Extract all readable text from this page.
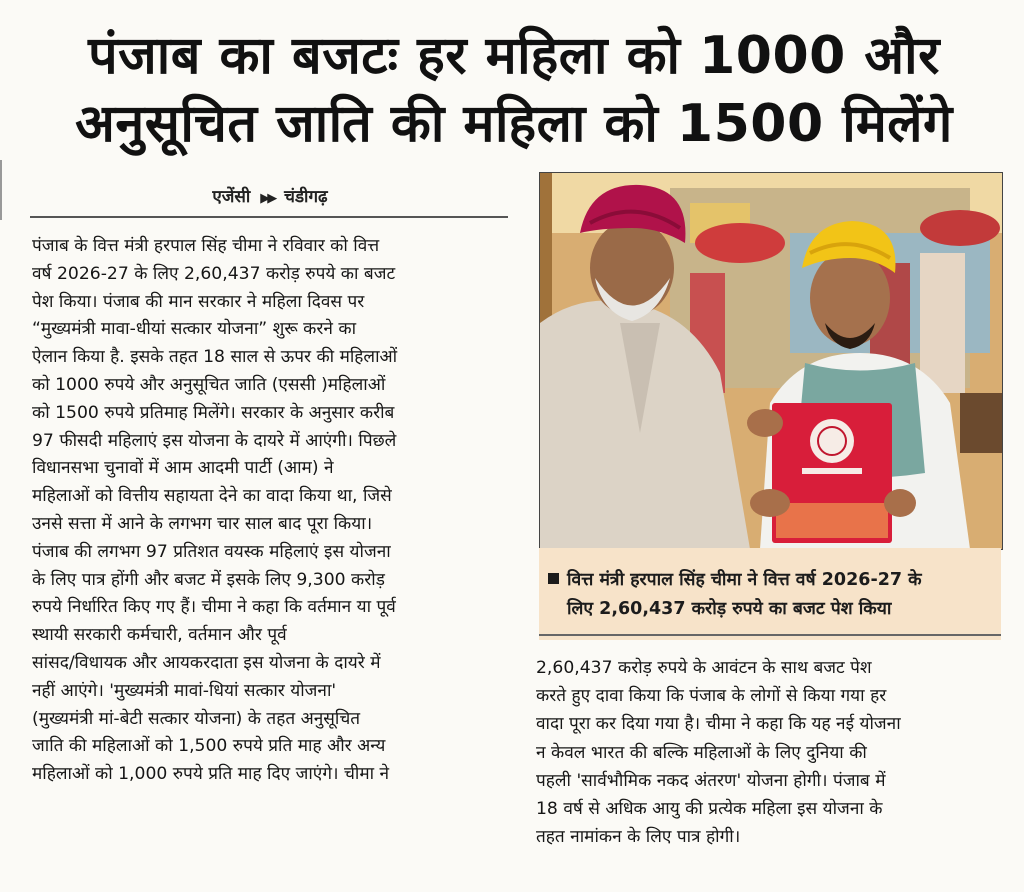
पंजाब का बजटः हर महिला को 1000 और
अनुसूचित जाति की महिला को 1500 मिलेंगे
एजेंसी ▶▶ चंडीगढ़
पंजाब के वित्त मंत्री हरपाल सिंह चीमा ने रविवार को वित्त
वर्ष 2026-27 के लिए 2,60,437 करोड़ रुपये का बजट
पेश किया। पंजाब की मान सरकार ने महिला दिवस पर
“मुख्यमंत्री मावा-धीयां सत्कार योजना” शुरू करने का
ऐलान किया है. इसके तहत 18 साल से ऊपर की महिलाओं
को 1000 रुपये और अनुसूचित जाति (एससी )महिलाओं
को 1500 रुपये प्रतिमाह मिलेंगे। सरकार के अनुसार करीब
97 फीसदी महिलाएं इस योजना के दायरे में आएंगी। पिछले
विधानसभा चुनावों में आम आदमी पार्टी (आम) ने
महिलाओं को वित्तीय सहायता देने का वादा किया था, जिसे
उनसे सत्ता में आने के लगभग चार साल बाद पूरा किया।
पंजाब की लगभग 97 प्रतिशत वयस्क महिलाएं इस योजना
के लिए पात्र होंगी और बजट में इसके लिए 9,300 करोड़
रुपये निर्धारित किए गए हैं। चीमा ने कहा कि वर्तमान या पूर्व
स्थायी सरकारी कर्मचारी, वर्तमान और पूर्व
सांसद/विधायक और आयकरदाता इस योजना के दायरे में
नहीं आएंगे। 'मुख्यमंत्री मावां-धियां सत्कार योजना'
(मुख्यमंत्री मां-बेटी सत्कार योजना) के तहत अनुसूचित
जाति की महिलाओं को 1,500 रुपये प्रति माह और अन्य
महिलाओं को 1,000 रुपये प्रति माह दिए जाएंगे। चीमा ने
वित्त मंत्री हरपाल सिंह चीमा ने वित्त वर्ष 2026-27 के
लिए 2,60,437 करोड़ रुपये का बजट पेश किया
2,60,437 करोड़ रुपये के आवंटन के साथ बजट पेश
करते हुए दावा किया कि पंजाब के लोगों से किया गया हर
वादा पूरा कर दिया गया है। चीमा ने कहा कि यह नई योजना
न केवल भारत की बल्कि महिलाओं के लिए दुनिया की
पहली 'सार्वभौमिक नकद अंतरण' योजना होगी। पंजाब में
18 वर्ष से अधिक आयु की प्रत्येक महिला इस योजना के
तहत नामांकन के लिए पात्र होगी।
